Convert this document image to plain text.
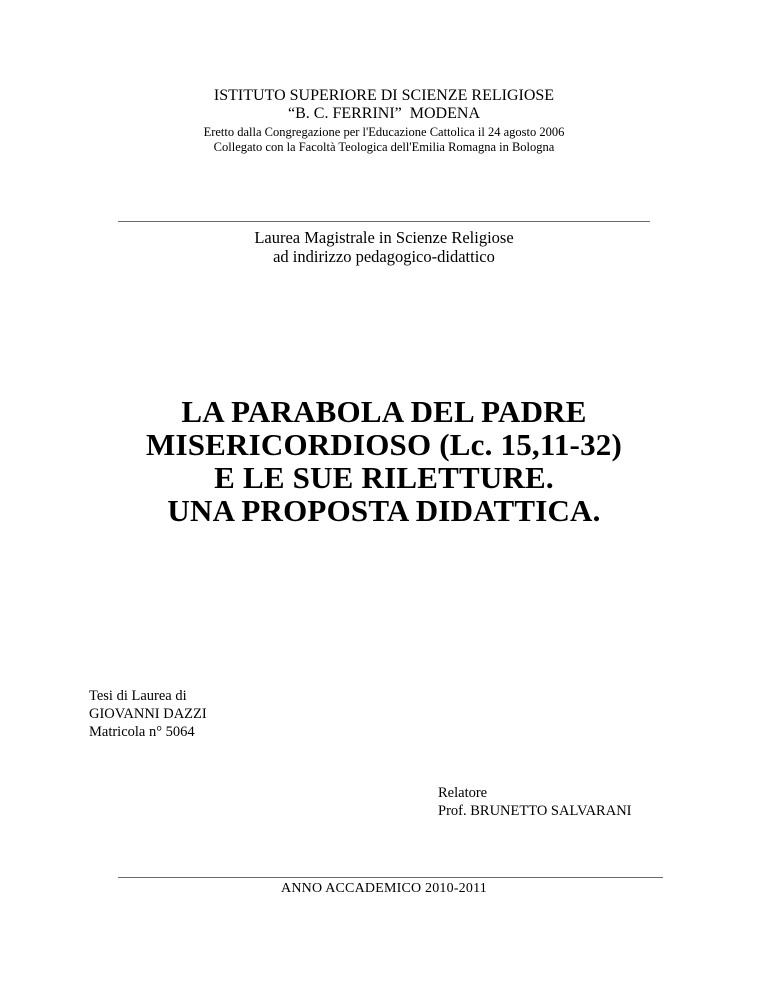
ISTITUTO SUPERIORE DI SCIENZE RELIGIOSE
“B. C. FERRINI”  MODENA
Eretto dalla Congregazione per l'Educazione Cattolica il 24 agosto 2006
Collegato con la Facoltà Teologica dell'Emilia Romagna in Bologna
Laurea Magistrale in Scienze Religiose
ad indirizzo pedagogico-didattico
LA PARABOLA DEL PADRE
MISERICORDIOSO (Lc. 15,11-32)
E LE SUE RILETTURE.
UNA PROPOSTA DIDATTICA.
Tesi di Laurea di
GIOVANNI DAZZI
Matricola n° 5064
Relatore
Prof. BRUNETTO SALVARANI
ANNO ACCADEMICO 2010-2011
